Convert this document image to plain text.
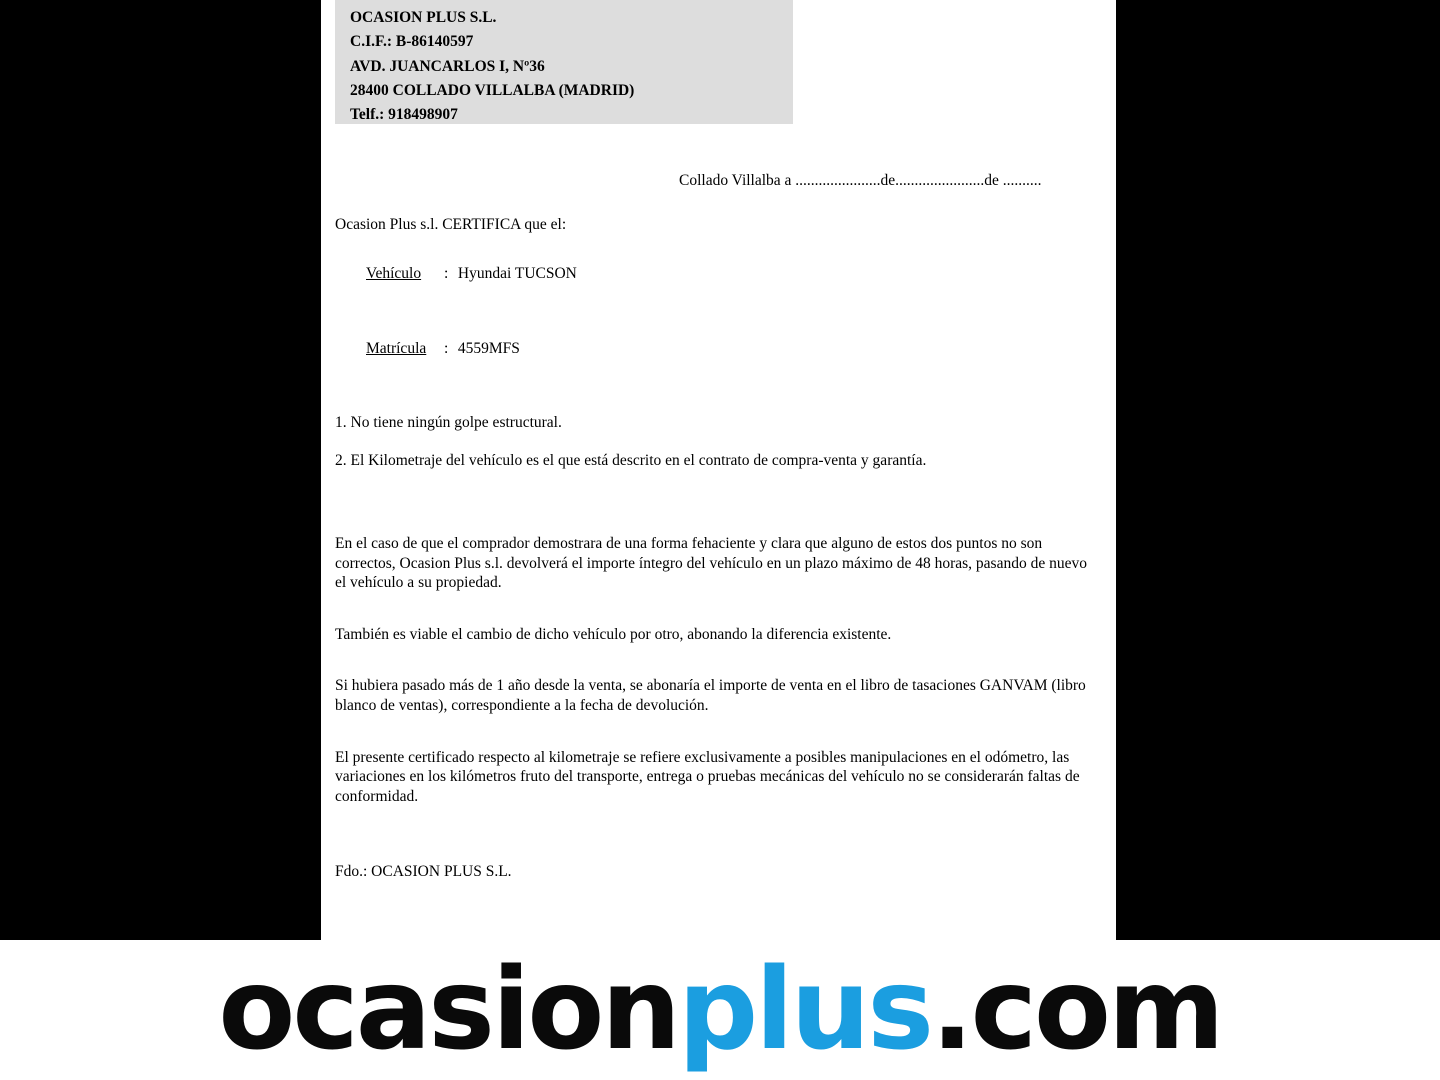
OCASION PLUS S.L.
C.I.F.: B-86140597
AVD. JUANCARLOS I, Nº36
28400 COLLADO VILLALBA (MADRID)
Telf.: 918498907
Collado Villalba a ......................de.......................de ..........
Ocasion Plus s.l. CERTIFICA que el:

Vehículo : Hyundai TUCSON

Matrícula : 4559MFS

1. No tiene ningún golpe estructural.
2. El Kilometraje del vehículo es el que está descrito en el contrato de compra-venta y garantía.
En el caso de que el comprador demostrara de una forma fehaciente y clara que alguno de estos dos puntos no son correctos, Ocasion Plus s.l. devolverá el importe íntegro del vehículo en un plazo máximo de 48 horas, pasando de nuevo el vehículo a su propiedad.
También es viable el cambio de dicho vehículo por otro, abonando la diferencia existente.
Si hubiera pasado más de 1 año desde la venta, se abonaría el importe de venta en el libro de tasaciones GANVAM (libro blanco de ventas), correspondiente a la fecha de devolución.
El presente certificado respecto al kilometraje se refiere exclusivamente a posibles manipulaciones en el odómetro, las variaciones en los kilómetros fruto del transporte, entrega o pruebas mecánicas del vehículo no se considerarán faltas de conformidad.
Fdo.: OCASION PLUS S.L.
ocasionplus.com
